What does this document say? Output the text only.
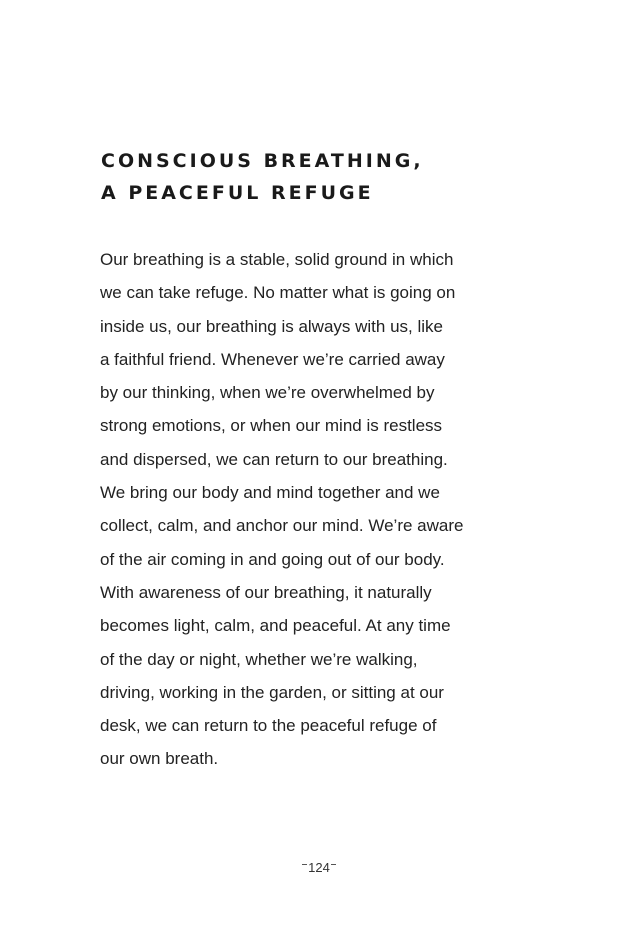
CONSCIOUS BREATHING,
A PEACEFUL REFUGE

Our breathing is a stable, solid ground in which
we can take refuge. No matter what is going on
inside us, our breathing is always with us, like
a faithful friend. Whenever we’re carried away
by our thinking, when we’re overwhelmed by
strong emotions, or when our mind is restless
and dispersed, we can return to our breathing.
We bring our body and mind together and we
collect, calm, and anchor our mind. We’re aware
of the air coming in and going out of our body.
With awareness of our breathing, it naturally
becomes light, calm, and peaceful. At any time
of the day or night, whether we’re walking,
driving, working in the garden, or sitting at our
desk, we can return to the peaceful refuge of
our own breath.

124
